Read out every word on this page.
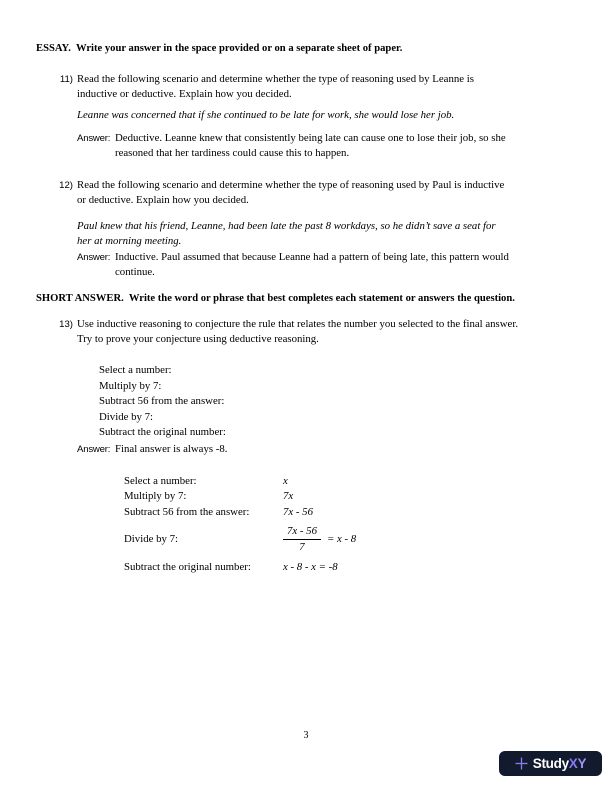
ESSAY.  Write your answer in the space provided or on a separate sheet of paper.
11) Read the following scenario and determine whether the type of reasoning used by Leanne is
inductive or deductive. Explain how you decided.
Leanne was concerned that if she continued to be late for work, she would lose her job.
Answer: Deductive. Leanne knew that consistently being late can cause one to lose their job, so she
reasoned that her tardiness could cause this to happen.
12) Read the following scenario and determine whether the type of reasoning used by Paul is inductive
or deductive. Explain how you decided.
Paul knew that his friend, Leanne, had been late the past 8 workdays, so he didn’t save a seat for
her at morning meeting.
Answer: Inductive. Paul assumed that because Leanne had a pattern of being late, this pattern would
continue.
SHORT ANSWER.  Write the word or phrase that best completes each statement or answers the question.
13) Use inductive reasoning to conjecture the rule that relates the number you selected to the final answer.
Try to prove your conjecture using deductive reasoning.
Select a number:
Multiply by 7:
Subtract 56 from the answer:
Divide by 7:
Subtract the original number:
Answer: Final answer is always -8.
Select a number:	x
Multiply by 7:	7x
Subtract 56 from the answer:	7x - 56
Divide by 7:	$\frac{7x - 56}{7} = x - 8$
Subtract the original number:	x - 8 - x = -8
3
StudyXY
